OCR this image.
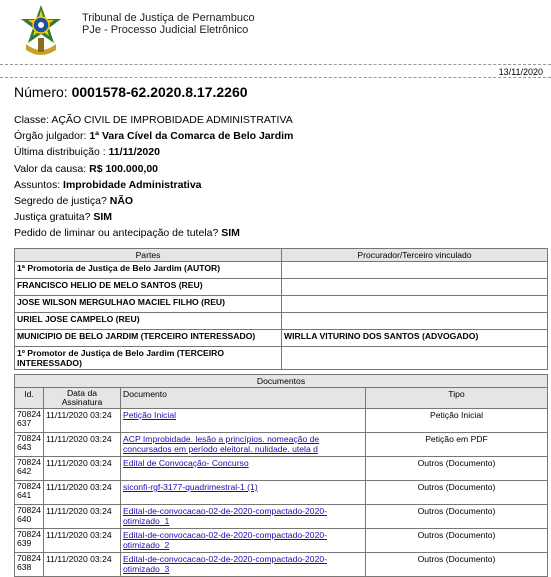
Tribunal de Justiça de Pernambuco
PJe - Processo Judicial Eletrônico
13/11/2020
Número: 0001578-62.2020.8.17.2260
Classe: AÇÃO CIVIL DE IMPROBIDADE ADMINISTRATIVA
Órgão julgador: 1ª Vara Cível da Comarca de Belo Jardim
Última distribuição : 11/11/2020
Valor da causa: R$ 100.000,00
Assuntos: Improbidade Administrativa
Segredo de justiça? NÃO
Justiça gratuita? SIM
Pedido de liminar ou antecipação de tutela? SIM
Partes	Procurador/Terceiro vinculado
1ª Promotoria de Justiça de Belo Jardim (AUTOR)	
FRANCISCO HELIO DE MELO SANTOS (REU)	
JOSE WILSON MERGULHAO MACIEL FILHO (REU)	
URIEL JOSE CAMPELO (REU)	
MUNICIPIO DE BELO JARDIM (TERCEIRO INTERESSADO)	WIRLLA VITURINO DOS SANTOS (ADVOGADO)
1º Promotor de Justiça de Belo Jardim (TERCEIRO INTERESSADO)	
Documentos			
Id.	Data da Assinatura	Documento	Tipo
70824 637	11/11/2020 03:24	Petição Inicial	Petição Inicial
70824 643	11/11/2020 03:24	ACP Improbidade. lesão a princípios. nomeação de concursados em período eleitoral. nulidade. utela d	Petição em PDF
70824 642	11/11/2020 03:24	Edital de Convocação- Concurso	Outros (Documento)
70824 641	11/11/2020 03:24	siconfi-rgf-3177-quadrimestral-1 (1)	Outros (Documento)
70824 640	11/11/2020 03:24	Edital-de-convocacao-02-de-2020-compactado-2020-otimizado_1	Outros (Documento)
70824 639	11/11/2020 03:24	Edital-de-convocacao-02-de-2020-compactado-2020-otimizado_2	Outros (Documento)
70824 638	11/11/2020 03:24	Edital-de-convocacao-02-de-2020-compactado-2020-otimizado_3	Outros (Documento)
